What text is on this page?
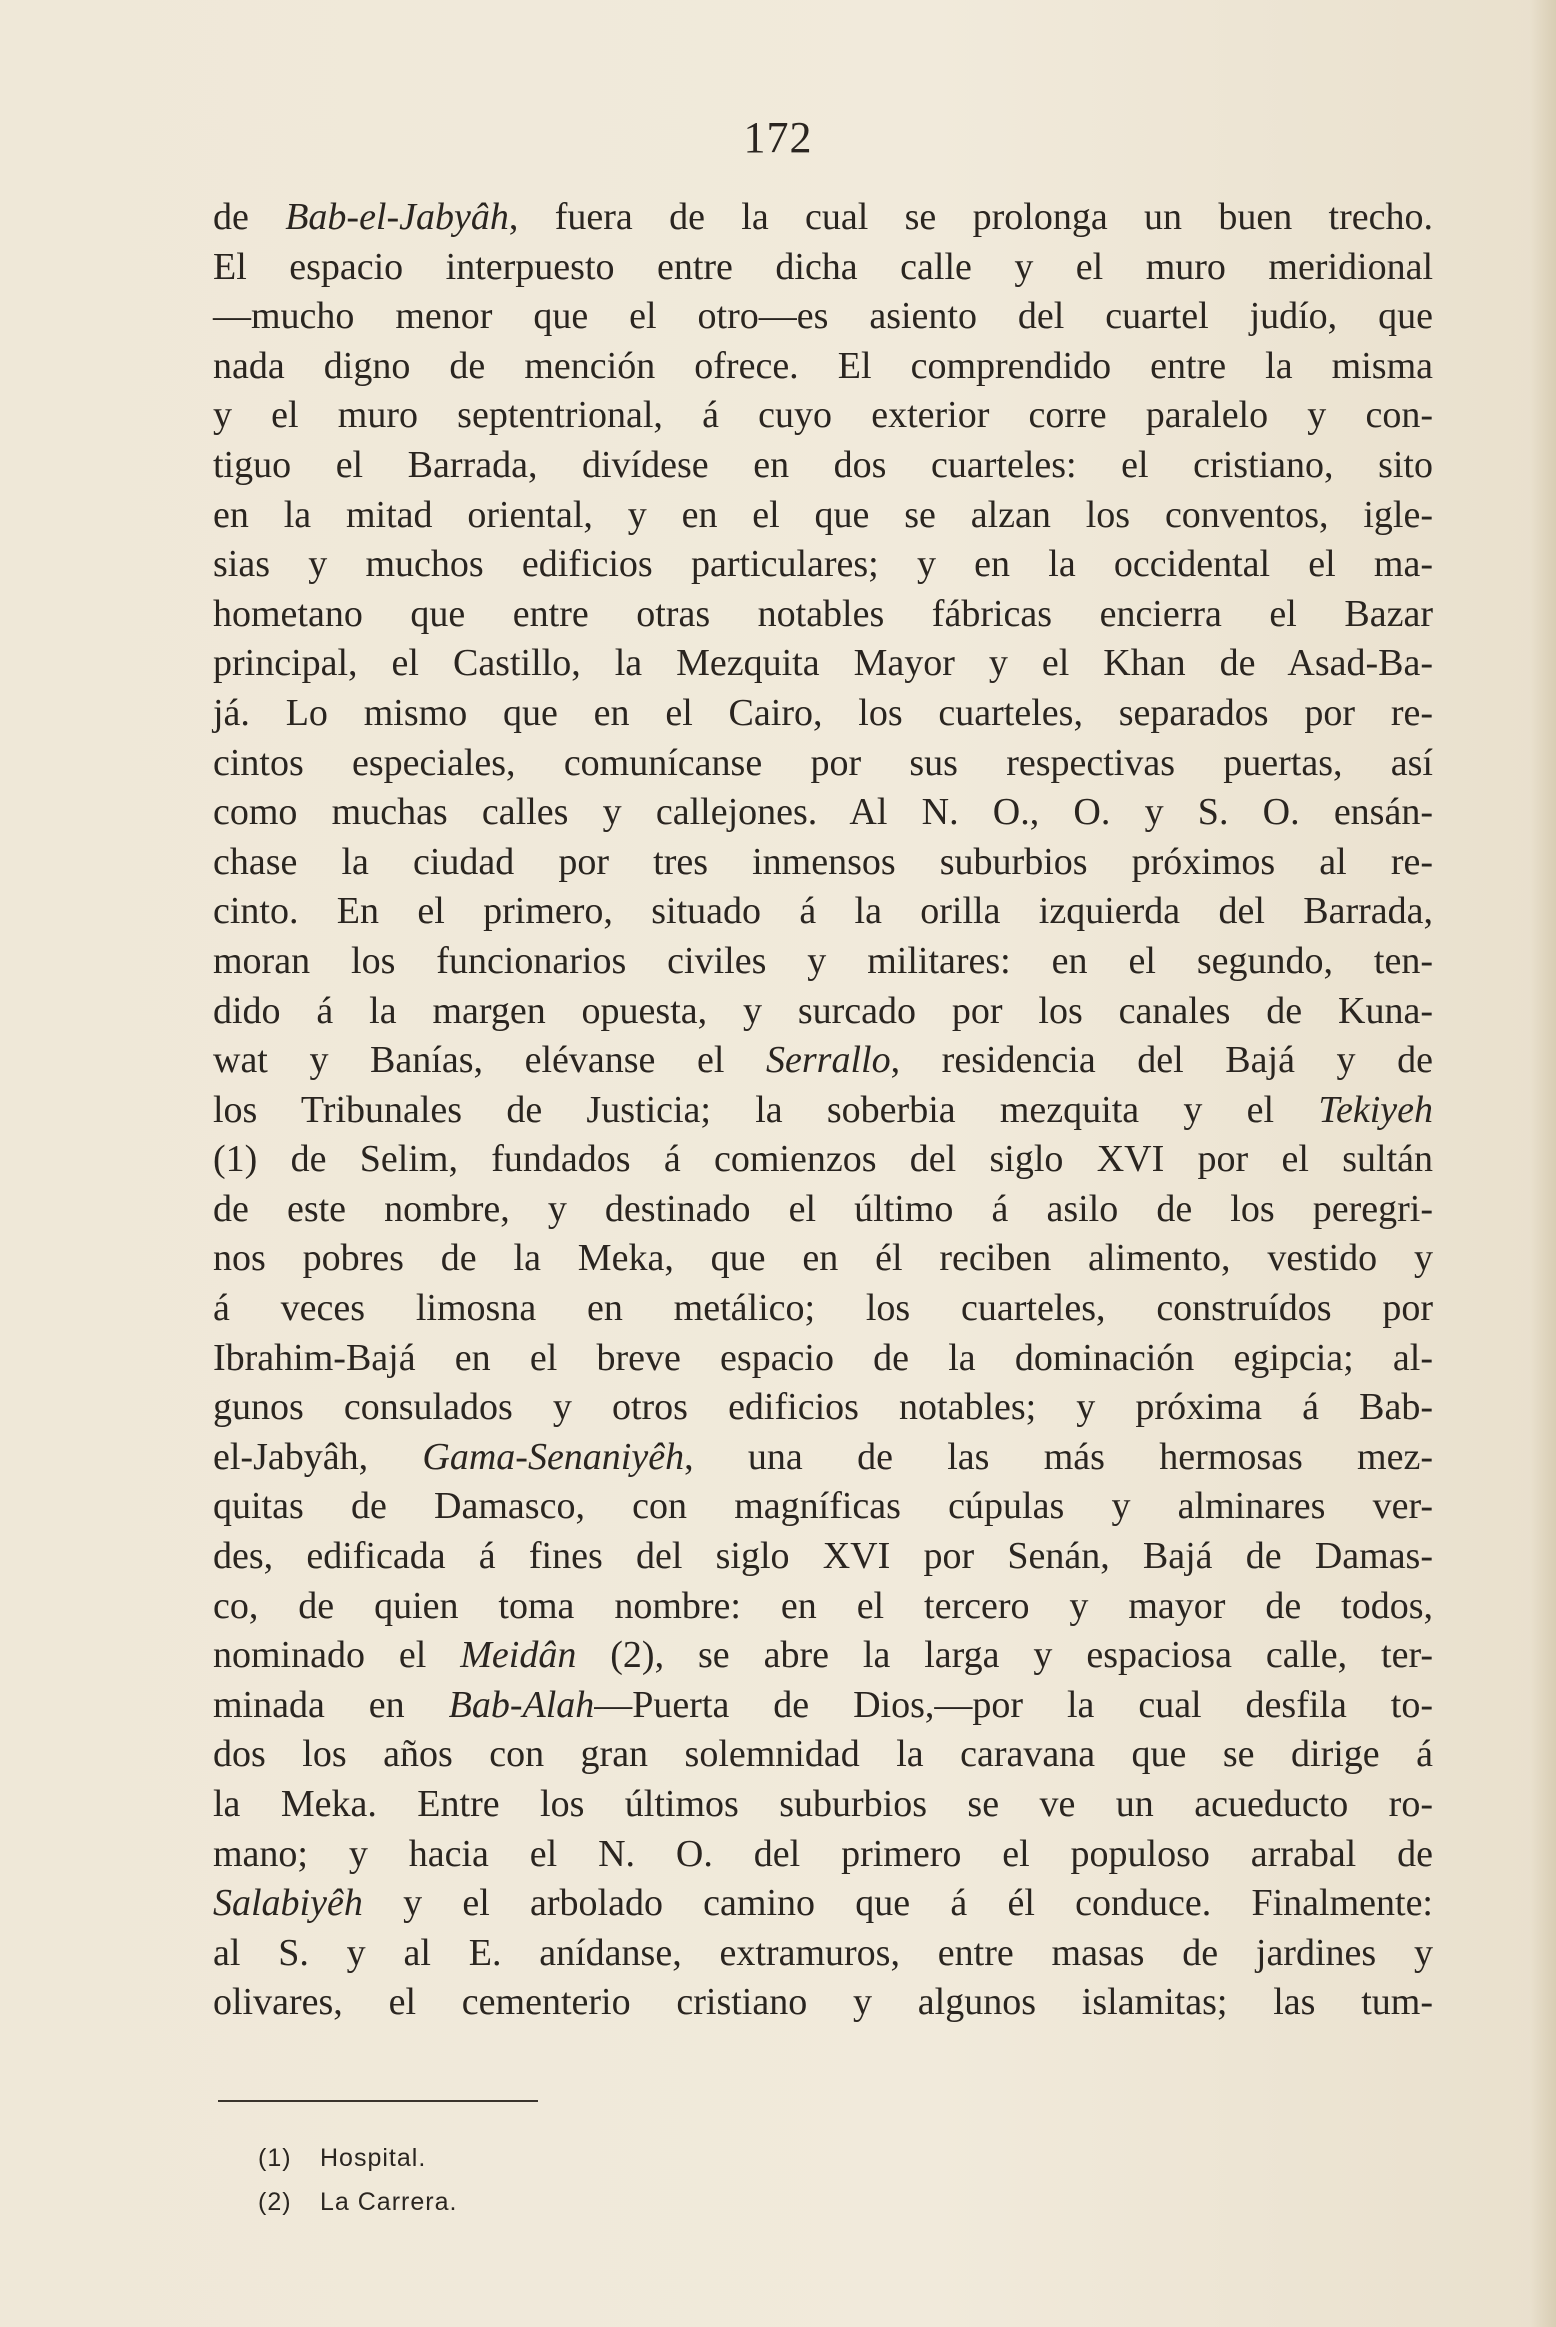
172
de Bab-el-Jabyâh, fuera de la cual se prolonga un buen trecho.
El espacio interpuesto entre dicha calle y el muro meridional
—mucho menor que el otro—es asiento del cuartel judío, que
nada digno de mención ofrece. El comprendido entre la misma
y el muro septentrional, á cuyo exterior corre paralelo y con-
tiguo el Barrada, divídese en dos cuarteles: el cristiano, sito
en la mitad oriental, y en el que se alzan los conventos, igle-
sias y muchos edificios particulares; y en la occidental el ma-
hometano que entre otras notables fábricas encierra el Bazar
principal, el Castillo, la Mezquita Mayor y el Khan de Asad-Ba-
já. Lo mismo que en el Cairo, los cuarteles, separados por re-
cintos especiales, comunícanse por sus respectivas puertas, así
como muchas calles y callejones. Al N. O., O. y S. O. ensán-
chase la ciudad por tres inmensos suburbios próximos al re-
cinto. En el primero, situado á la orilla izquierda del Barrada,
moran los funcionarios civiles y militares: en el segundo, ten-
dido á la margen opuesta, y surcado por los canales de Kuna-
wat y Banías, elévanse el Serrallo, residencia del Bajá y de
los Tribunales de Justicia; la soberbia mezquita y el Tekiyeh
(1) de Selim, fundados á comienzos del siglo XVI por el sultán
de este nombre, y destinado el último á asilo de los peregri-
nos pobres de la Meka, que en él reciben alimento, vestido y
á veces limosna en metálico; los cuarteles, construídos por
Ibrahim-Bajá en el breve espacio de la dominación egipcia; al-
gunos consulados y otros edificios notables; y próxima á Bab-
el-Jabyâh, Gama-Senaniyêh, una de las más hermosas mez-
quitas de Damasco, con magníficas cúpulas y alminares ver-
des, edificada á fines del siglo XVI por Senán, Bajá de Damas-
co, de quien toma nombre: en el tercero y mayor de todos,
nominado el Meidân (2), se abre la larga y espaciosa calle, ter-
minada en Bab-Alah—Puerta de Dios,—por la cual desfila to-
dos los años con gran solemnidad la caravana que se dirige á
la Meka. Entre los últimos suburbios se ve un acueducto ro-
mano; y hacia el N. O. del primero el populoso arrabal de
Salabiyêh y el arbolado camino que á él conduce. Finalmente:
al S. y al E. anídanse, extramuros, entre masas de jardines y
olivares, el cementerio cristiano y algunos islamitas; las tum-
(1) Hospital.
(2) La Carrera.
